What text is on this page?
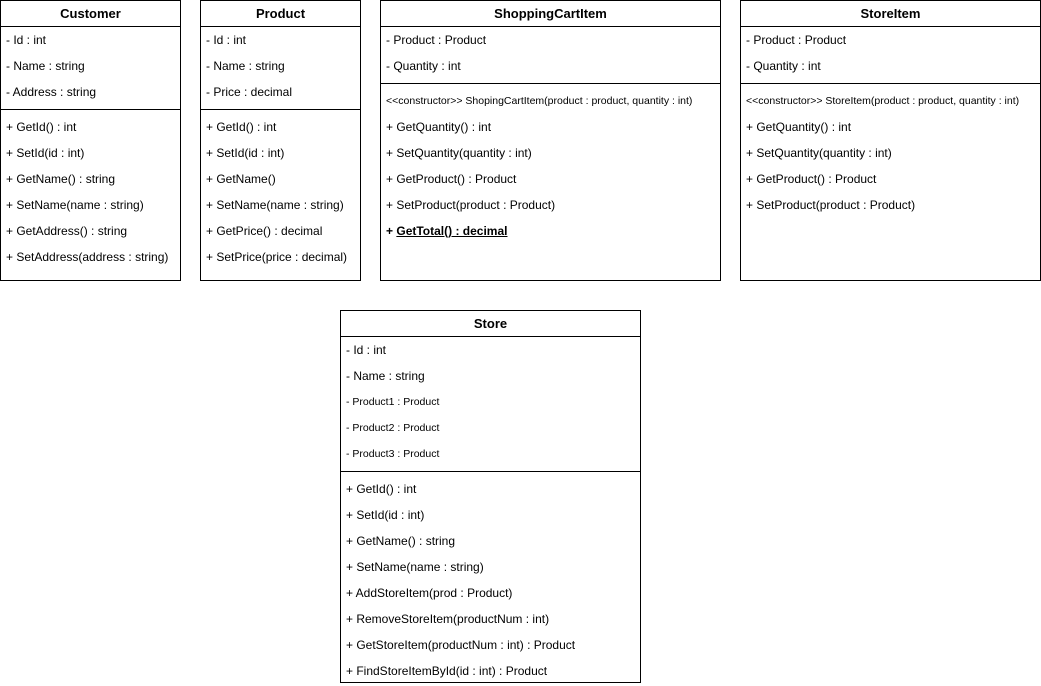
Customer
- Id : int
- Name : string
- Address : string
+ GetId() : int
+ SetId(id : int)
+ GetName() : string
+ SetName(name : string)
+ GetAddress() : string
+ SetAddress(address : string)
Product
- Id : int
- Name : string
- Price : decimal
+ GetId() : int
+ SetId(id : int)
+ GetName()
+ SetName(name : string)
+ GetPrice() : decimal
+ SetPrice(price : decimal)
ShoppingCartItem
- Product : Product
- Quantity : int
<<constructor>> ShopingCartItem(product : product, quantity : int)
+ GetQuantity() : int
+ SetQuantity(quantity : int)
+ GetProduct() : Product
+ SetProduct(product : Product)
+ GetTotal() : decimal
StoreItem
- Product : Product
- Quantity : int
<<constructor>> StoreItem(product : product, quantity : int)
+ GetQuantity() : int
+ SetQuantity(quantity : int)
+ GetProduct() : Product
+ SetProduct(product : Product)
Store
- Id : int
- Name : string
- Product1 : Product
- Product2 : Product
- Product3 : Product
+ GetId() : int
+ SetId(id : int)
+ GetName() : string
+ SetName(name : string)
+ AddStoreItem(prod : Product)
+ RemoveStoreItem(productNum : int)
+ GetStoreItem(productNum : int) : Product
+ FindStoreItemById(id : int) : Product
